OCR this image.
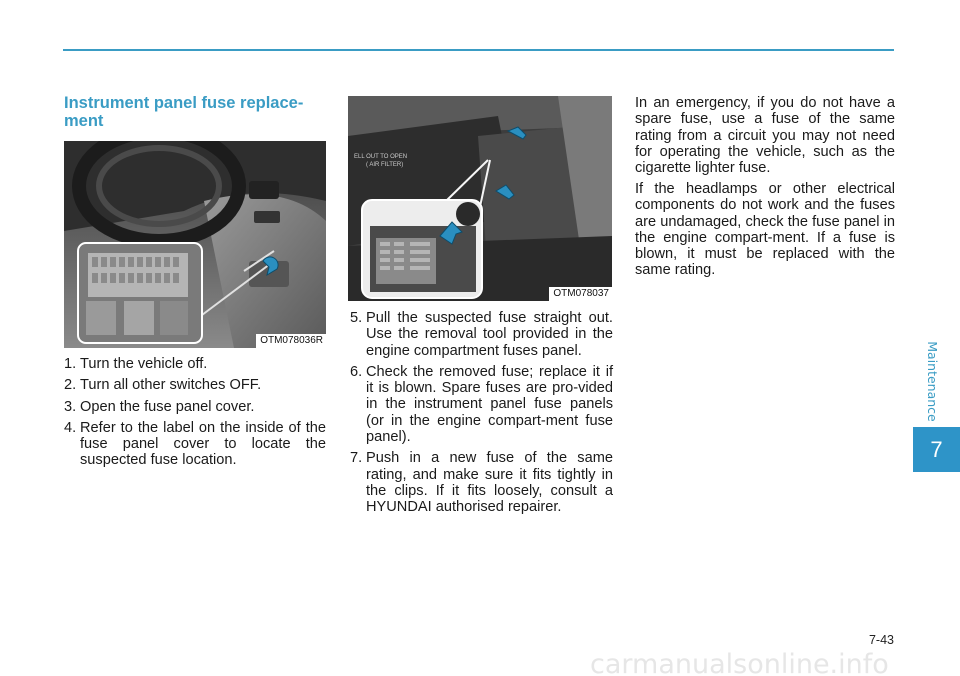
Instrument panel fuse replace-
ment
OTM078036R
ELL OUT TO OPEN
( AIR FILTER)
OTM078037
1. Turn the vehicle off.
2. Turn all other switches OFF.
3. Open the fuse panel cover.
4. Refer to the label on the inside of the fuse panel cover to locate the suspected fuse location.
5. Pull the suspected fuse straight out. Use the removal tool provided in the engine compartment fuses panel.
6. Check the removed fuse; replace it if it is blown. Spare fuses are pro-vided in the instrument panel fuse panels (or in the engine compart-ment fuse panel).
7. Push in a new fuse of the same rating, and make sure it fits tightly in the clips. If it fits loosely, consult a HYUNDAI authorised repairer.

In an emergency, if you do not have a spare fuse, use a fuse of the same rating from a circuit you may not need for operating the vehicle, such as the cigarette lighter fuse.

If the headlamps or other electrical components do not work and the fuses are undamaged, check the fuse panel in the engine compart-ment. If a fuse is blown, it must be replaced with the same rating.

Maintenance
7
7-43
carmanualsonline.info
